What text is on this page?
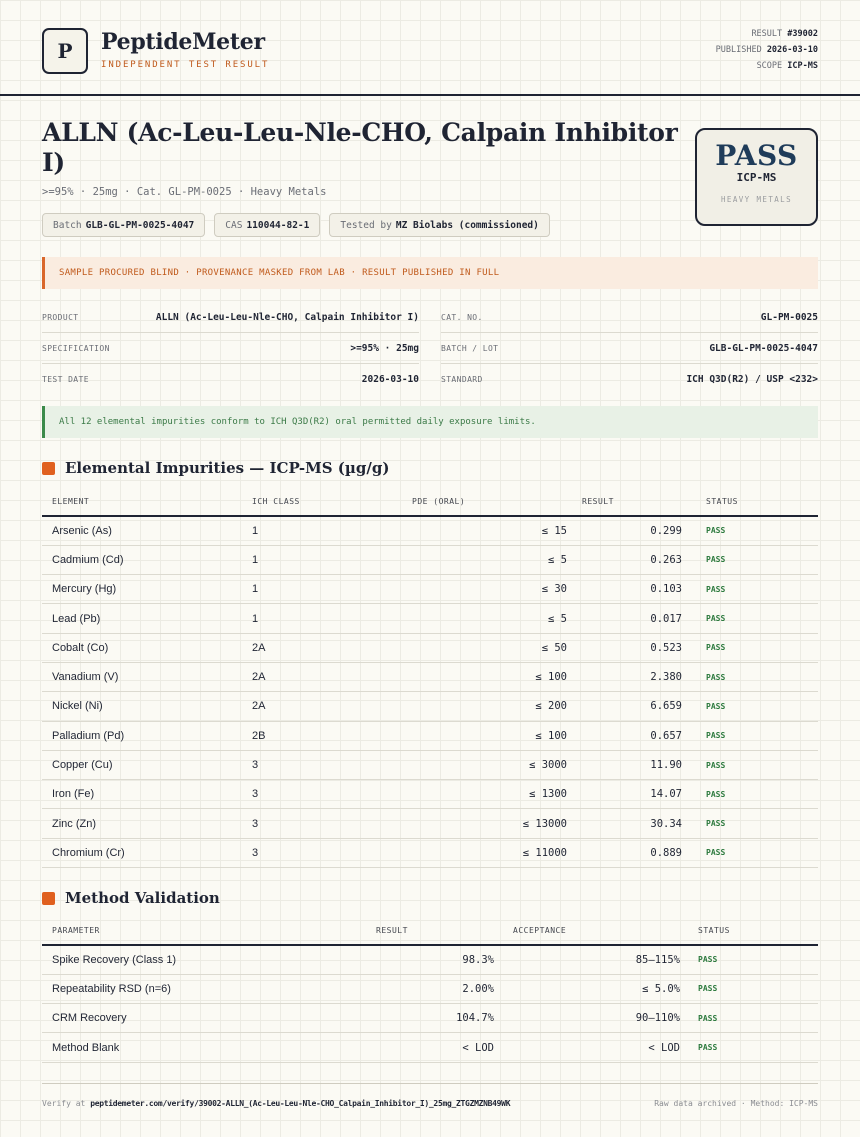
P	PeptideMeter
INDEPENDENT TEST RESULT
RESULT #39002
PUBLISHED 2026-03-10
SCOPE ICP-MS
ALLN (Ac-Leu-Leu-Nle-CHO, Calpain Inhibitor I)
>=95% · 25mg · Cat. GL-PM-0025 · Heavy Metals
Batch GLB-GL-PM-0025-4047	CAS 110044-82-1	Tested by MZ Biolabs (commissioned)
PASS
ICP-MS
HEAVY METALS
SAMPLE PROCURED BLIND · PROVENANCE MASKED FROM LAB · RESULT PUBLISHED IN FULL
PRODUCT	ALLN (Ac-Leu-Leu-Nle-CHO, Calpain Inhibitor I)
SPECIFICATION	>=95% · 25mg
TEST DATE	2026-03-10
CAT. NO.	GL-PM-0025
BATCH / LOT	GLB-GL-PM-0025-4047
STANDARD	ICH Q3D(R2) / USP <232>
All 12 elemental impurities conform to ICH Q3D(R2) oral permitted daily exposure limits.
Elemental Impurities — ICP-MS (µg/g)
ELEMENT	ICH CLASS	PDE (ORAL)	RESULT	STATUS
Arsenic (As)	1	≤ 15	0.299	PASS
Cadmium (Cd)	1	≤ 5	0.263	PASS
Mercury (Hg)	1	≤ 30	0.103	PASS
Lead (Pb)	1	≤ 5	0.017	PASS
Cobalt (Co)	2A	≤ 50	0.523	PASS
Vanadium (V)	2A	≤ 100	2.380	PASS
Nickel (Ni)	2A	≤ 200	6.659	PASS
Palladium (Pd)	2B	≤ 100	0.657	PASS
Copper (Cu)	3	≤ 3000	11.90	PASS
Iron (Fe)	3	≤ 1300	14.07	PASS
Zinc (Zn)	3	≤ 13000	30.34	PASS
Chromium (Cr)	3	≤ 11000	0.889	PASS
Method Validation
PARAMETER	RESULT	ACCEPTANCE	STATUS
Spike Recovery (Class 1)	98.3%	85–115%	PASS
Repeatability RSD (n=6)	2.00%	≤ 5.0%	PASS
CRM Recovery	104.7%	90–110%	PASS
Method Blank	< LOD	< LOD	PASS
Verify at peptidemeter.com/verify/39002-ALLN_(Ac-Leu-Leu-Nle-CHO_Calpain_Inhibitor_I)_25mg_ZTGZMZNB49WK	Raw data archived · Method: ICP-MS
